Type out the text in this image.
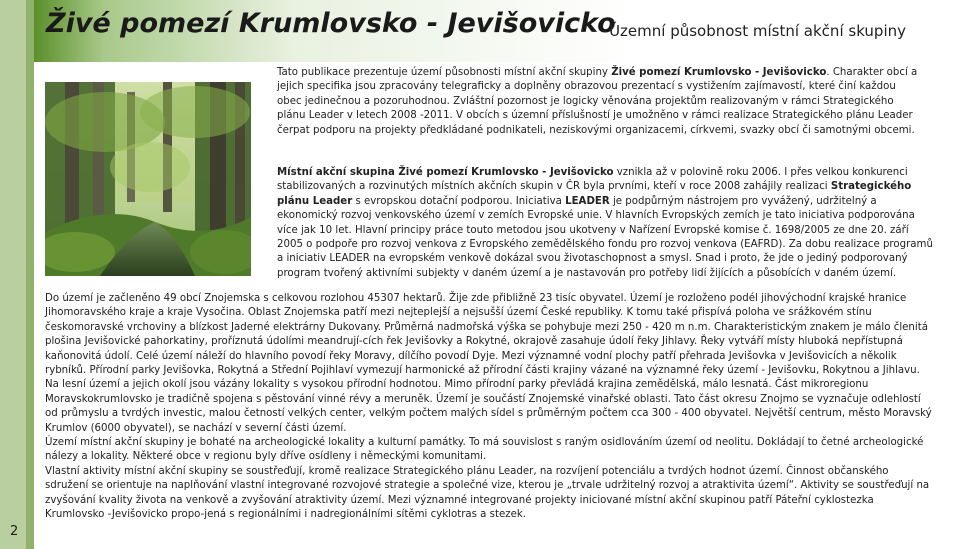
Živé pomezí Krumlovsko - Jevišovicko
Územní působnost místní akční skupiny
Tato publikace prezentuje území působnosti místní akční skupiny Živé pomezí Krumlovsko - Jevišovicko. Charakter obcí a jejich specifika jsou zpracovány telegraficky a doplněny obrazovou prezentací s vystižením zajímavostí, které činí každou obec jedinečnou a pozoruhodnou. Zvláštní pozornost je logicky věnována projektům realizovaným v rámci Strategického plánu Leader v letech 2008 -2011. V obcích s územní příslušností je umožněno v rámci realizace Strategického plánu Leader čerpat podporu na projekty předkládané podnikateli, neziskovými organizacemi, církvemi, svazky obcí či samotnými obcemi.
Místní akční skupina Živé pomezí Krumlovsko - Jevišovicko vznikla až v polovině roku 2006. I přes velkou konkurenci stabilizovaných a rozvinutých místních akčních skupin v ČR byla prvními, kteří v roce 2008 zahájily realizaci Strategického plánu Leader s evropskou dotační podporou. Iniciativa LEADER je podpůrným nástrojem pro vyvážený, udržitelný a ekonomický rozvoj venkovského území v zemích Evropské unie. V hlavních Evropských zemích je tato iniciativa podporována více jak 10 let. Hlavní principy práce touto metodou jsou ukotveny v Nařízení Evropské komise č. 1698/2005 ze dne 20. září 2005 o podpoře pro rozvoj venkova z Evropského zemědělského fondu pro rozvoj venkova (EAFRD). Za dobu realizace programů a iniciativ LEADER na evropském venkově dokázal svou životaschopnost a smysl. Snad i proto, že jde o jediný podporovaný program tvořený aktivními subjekty v daném území a je nastavován pro potřeby lidí žijících a působících v daném území.
Do území je začleněno 49 obcí Znojemska s celkovou rozlohou 45307 hektarů. Žije zde přibližně 23 tisíc obyvatel. Území je rozloženo podél jihovýchodní krajské hranice Jihomoravského kraje a kraje Vysočina. Oblast Znojemska patří mezi nejteplejší a nejsušší území České republiky. K tomu také přispívá poloha ve srážkovém stínu českomoravské vrchoviny a blízkost Jaderné elektrárny Dukovany. Průměrná nadmořská výška se pohybuje mezi 250 - 420 m n.m. Charakteristickým znakem je málo členitá plošina Jevišovické pahorkatiny, proříznutá údolími meandrují-cích řek Jevišovky a Rokytné, okrajově zasahuje údolí řeky Jihlavy. Řeky vytváří místy hluboká nepřístupná kaňonovitá údolí. Celé území náleží do hlavního povodí řeky Moravy, dílčího povodí Dyje. Mezi významné vodní plochy patří přehrada Jevišovka v Jevišovicích a několik rybníků. Přírodní parky Jevišovka, Rokytná a Střední Pojihlaví vymezují harmonické až přírodní části krajiny vázané na významné řeky území - Jevišovku, Rokytnou a Jihlavu. Na lesní území a jejich okolí jsou vázány lokality s vysokou přírodní hodnotou. Mimo přírodní parky převládá krajina zemědělská, málo lesnatá. Část mikroregionu Moravskokrumlovsko je tradičně spojena s pěstování vinné révy a meruněk. Území je součástí Znojemské vinařské oblasti. Tato část okresu Znojmo se vyznačuje odlehlostí od průmyslu a tvrdých investic, malou četností velkých center, velkým počtem malých sídel s průměrným počtem cca 300 - 400 obyvatel. Největší centrum, město Moravský Krumlov (6000 obyvatel), se nachází v severní části území.
Území místní akční skupiny je bohaté na archeologické lokality a kulturní památky. To má souvislost s raným osidlováním území od neolitu. Dokládají to četné archeologické nálezy a lokality. Některé obce v regionu byly dříve osídleny i německými komunitami.
Vlastní aktivity místní akční skupiny se soustřeďují, kromě realizace Strategického plánu Leader, na rozvíjení potenciálu a tvrdých hodnot území. Činnost občanského sdružení se orientuje na naplňování vlastní integrované rozvojové strategie a společné vize, kterou je „trvale udržitelný rozvoj a atraktivita území“. Aktivity se soustřeďují na zvyšování kvality života na venkově a zvyšování atraktivity území. Mezi významné integrované projekty iniciované místní akční skupinou patří Páteřní cyklostezka Krumlovsko -Jevišovicko propo-jená s regionálními i nadregionálními sítěmi cyklotras a stezek.
2
